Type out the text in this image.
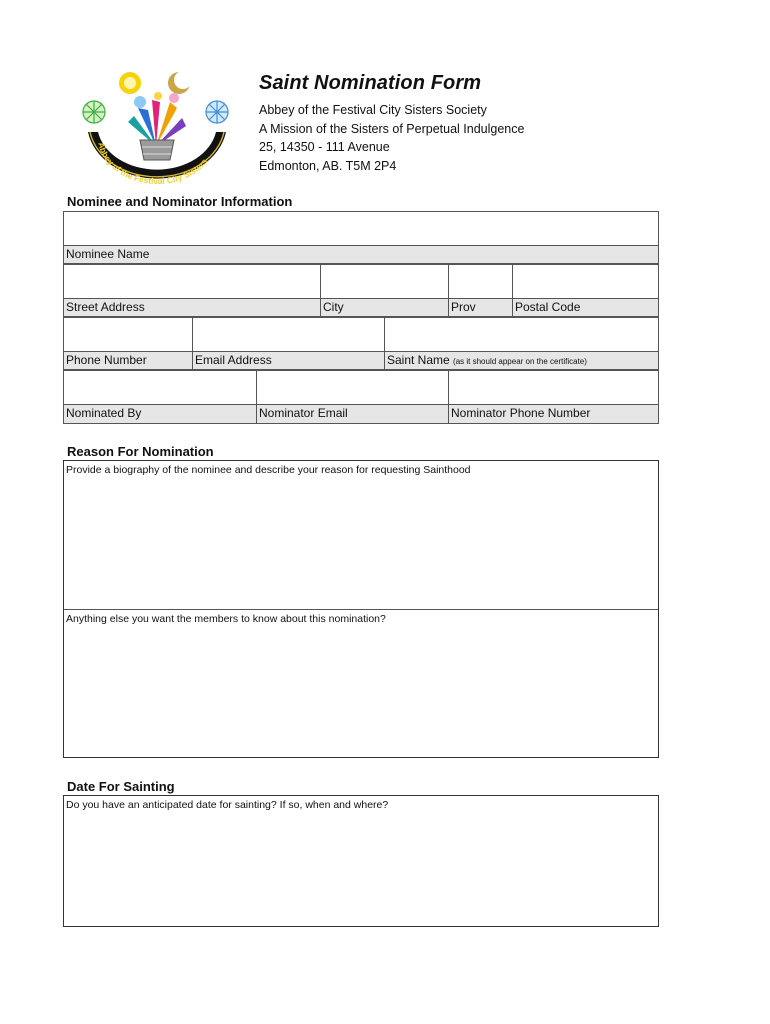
Abbey of the Festival City Sisters
Saint Nomination Form
Abbey of the Festival City Sisters Society
A Mission of the Sisters of Perpetual Indulgence
25, 14350 - 111 Avenue
Edmonton, AB. T5M 2P4
Nominee and Nominator Information
Nominee Name
Street Address	City	Prov	Postal Code
Phone Number	Email Address	Saint Name (as it should appear on the certificate)
Nominated By	Nominator Email	Nominator Phone Number
Reason For Nomination
Provide a biography of the nominee and describe your reason for requesting Sainthood
Anything else you want the members to know about this nomination?
Date For Sainting
Do you have an anticipated date for sainting? If so, when and where?
